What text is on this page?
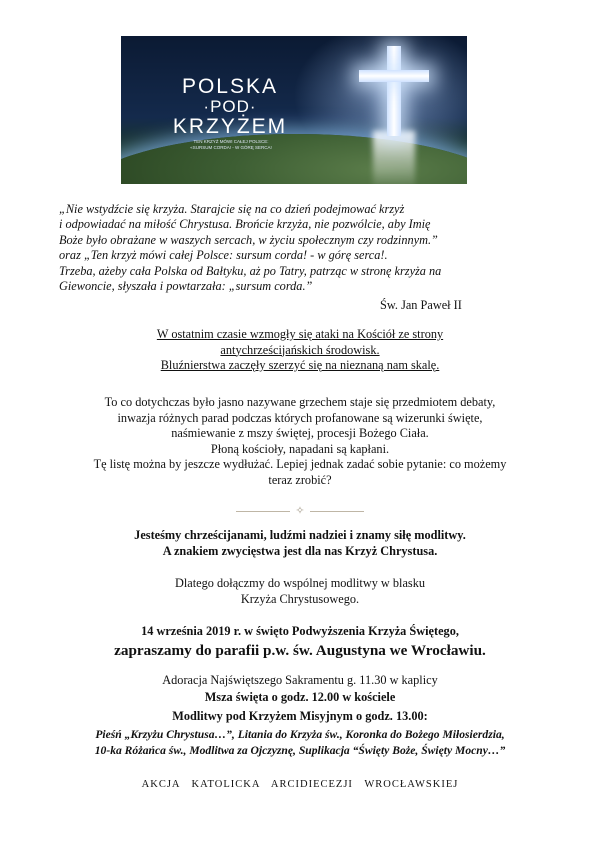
POLSKA
·POD·
KRZYŻEM
TEN KRZYŻ MÓWI CAŁEJ POLSCE:
«SURSUM CORDA! - W GÓRĘ SERCA!
„Nie wstydźcie się krzyża. Starajcie się na co dzień podejmować krzyż
i odpowiadać na miłość Chrystusa. Brońcie krzyża, nie pozwólcie, aby Imię
Boże było obrażane w waszych sercach, w życiu społecznym czy rodzinnym.”
oraz „Ten krzyż mówi całej Polsce: sursum corda! - w górę serca!.
Trzeba, ażeby cała Polska od Bałtyku, aż po Tatry, patrząc w stronę krzyża na
Giewoncie, słyszała i powtarzała: „sursum corda.”

Św. Jan Paweł II

W ostatnim czasie wzmogły się ataki na Kościół ze strony
antychrześcijańskich środowisk.
Bluźnierstwa zaczęły szerzyć się na nieznaną nam skalę.
To co dotychczas było jasno nazywane grzechem staje się przedmiotem debaty,
inwazja różnych parad podczas których profanowane są wizerunki święte,
naśmiewanie z mszy świętej, procesji Bożego Ciała.
Płoną kościoły, napadani są kapłani.
Tę listę można by jeszcze wydłużać. Lepiej jednak zadać sobie pytanie: co możemy
teraz zrobić?
✧
Jesteśmy chrześcijanami, ludźmi nadziei i znamy siłę modlitwy.
A znakiem zwycięstwa jest dla nas Krzyż Chrystusa.
Dlatego dołączmy do wspólnej modlitwy w blasku
Krzyża Chrystusowego.
14 września 2019 r. w święto Podwyższenia Krzyża Świętego,
zapraszamy do parafii p.w. św. Augustyna we Wrocławiu.
Adoracja Najświętszego Sakramentu g. 11.30 w kaplicy
Msza święta o godz. 12.00 w kościele
Modlitwy pod Krzyżem Misyjnym o godz. 13.00:
Pieśń „Krzyżu Chrystusa…”, Litania do Krzyża św., Koronka do Bożego Miłosierdzia,
10-ka Różańca św., Modlitwa za Ojczyznę, Suplikacja “Święty Boże, Święty Mocny…”

AKCJA KATOLICKA ARCIDIECEZJI WROCŁAWSKIEJ
